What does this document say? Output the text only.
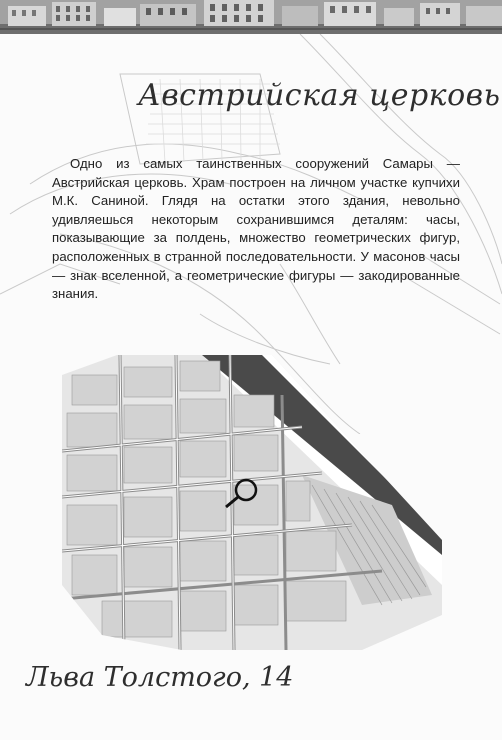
Австрийская церковь

Одно из самых таинственных сооружений Самары — Австрийская церковь. Храм построен на личном участке купчихи М.К. Саниной. Глядя на остатки этого здания, невольно удивляешься некоторым сохранившимся деталям: часы, показывающие за полдень, множество геометрических фигур, расположенных в странной последовательности. У масонов часы — знак вселенной, а геометрические фигуры — закодированные знания.

Льва Толстого, 14
